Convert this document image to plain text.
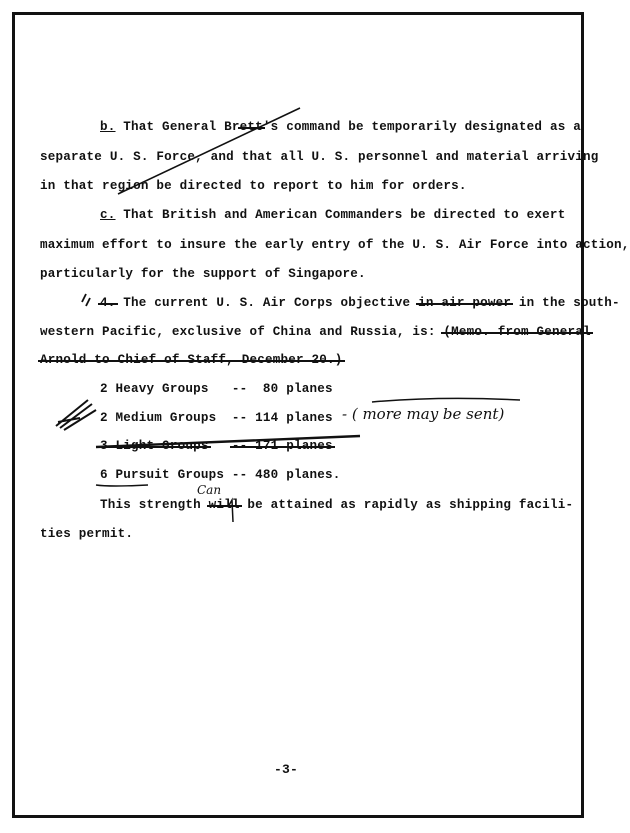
b. That General Brett's command be temporarily designated as a
separate U. S. Force, and that all U. S. personnel and material arriving
in that region be directed to report to him for orders.
c. That British and American Commanders be directed to exert
maximum effort to insure the early entry of the U. S. Air Force into action,
particularly for the support of Singapore.
4. The current U. S. Air Corps objective in air power in the south-
western Pacific, exclusive of China and Russia, is: (Memo. from General
Arnold to Chief of Staff, December 20.)
2 Heavy Groups --  80 planes
2 Medium Groups -- 114 planes
3 Light Groups -- 171 planes
6 Pursuit Groups -- 480 planes.
This strength will be attained as rapidly as shipping facili-
ties permit.
- ( more may be sent)
Can
-3-
